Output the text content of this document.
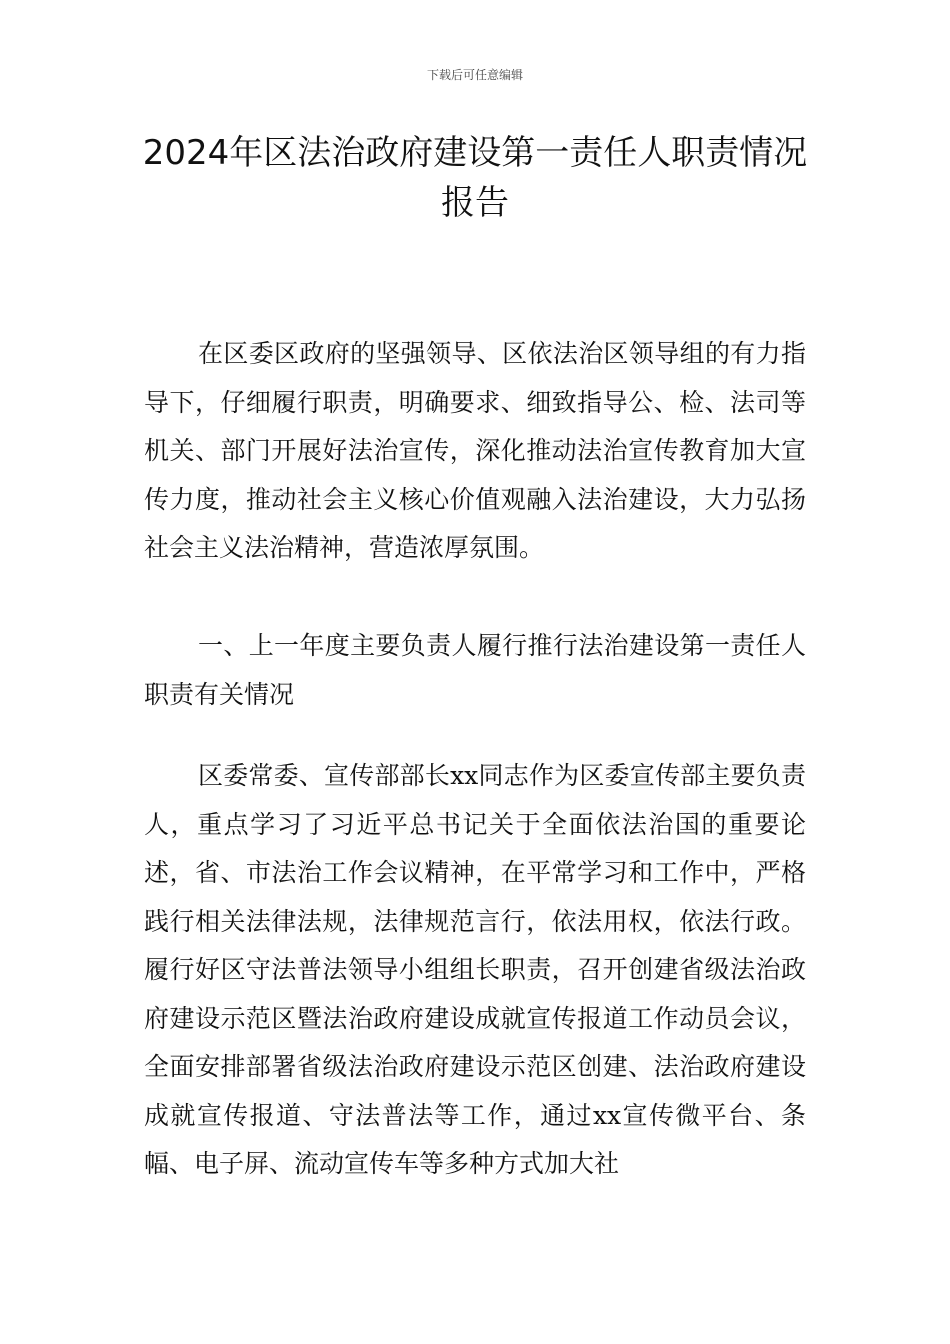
下载后可任意编辑
2024年区法治政府建设第一责任人职责情况报告

在区委区政府的坚强领导、区依法治区领导组的有力指导下，仔细履行职责，明确要求、细致指导公、检、法司等机关、部门开展好法治宣传，深化推动法治宣传教育加大宣传力度，推动社会主义核心价值观融入法治建设，大力弘扬社会主义法治精神，营造浓厚氛围。

一、上一年度主要负责人履行推行法治建设第一责任人职责有关情况

区委常委、宣传部部长xx同志作为区委宣传部主要负责人，重点学习了习近平总书记关于全面依法治国的重要论述，省、市法治工作会议精神，在平常学习和工作中，严格践行相关法律法规，法律规范言行，依法用权，依法行政。履行好区守法普法领导小组组长职责，召开创建省级法治政府建设示范区暨法治政府建设成就宣传报道工作动员会议，全面安排部署省级法治政府建设示范区创建、法治政府建设成就宣传报道、守法普法等工作，通过xx宣传微平台、条幅、电子屏、流动宣传车等多种方式加大社
